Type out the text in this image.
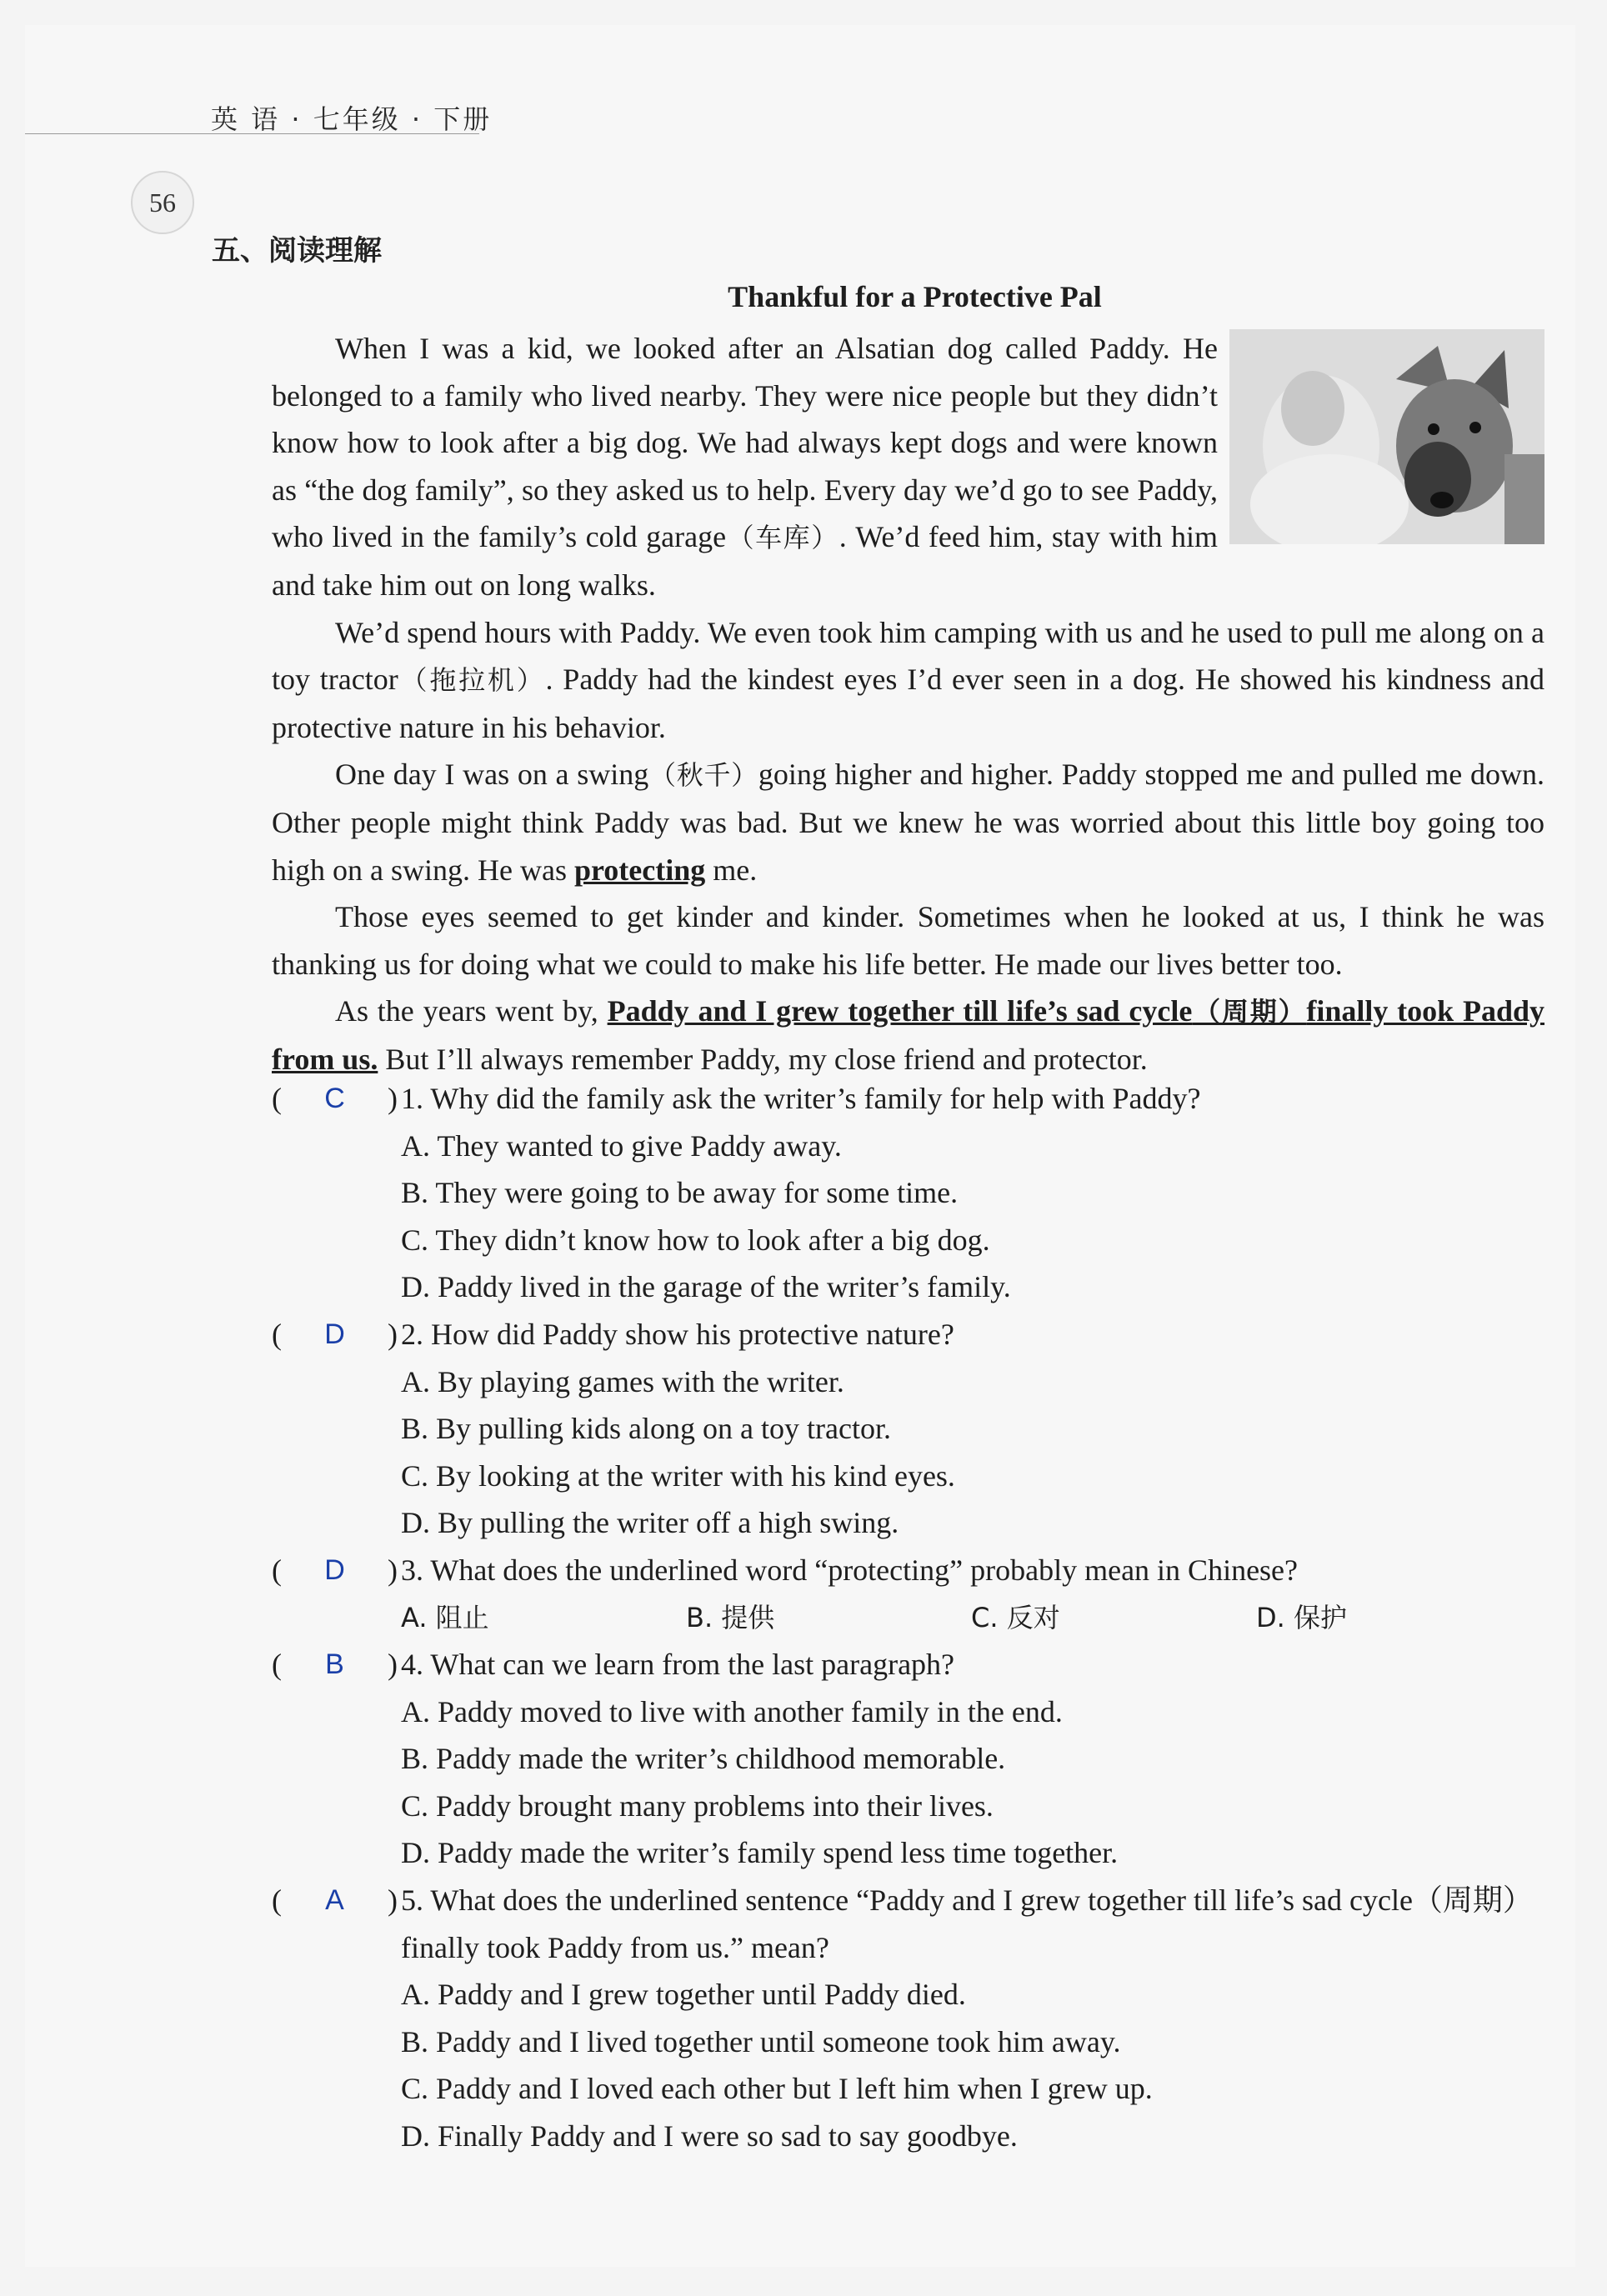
英 语 · 七年级 · 下册
56
五、阅读理解
Thankful for a Protective Pal

When I was a kid, we looked after an Alsatian dog called Paddy. He belonged to a family who lived nearby. They were nice people but they didn’t know how to look after a big dog. We had always kept dogs and were known as “the dog family”, so they asked us to help. Every day we’d go to see Paddy, who lived in the family’s cold garage（车库）. We’d feed him, stay with him and take him out on long walks.

We’d spend hours with Paddy. We even took him camping with us and he used to pull me along on a toy tractor（拖拉机）. Paddy had the kindest eyes I’d ever seen in a dog. He showed his kindness and protective nature in his behavior.

One day I was on a swing（秋千）going higher and higher. Paddy stopped me and pulled me down. Other people might think Paddy was bad. But we knew he was worried about this little boy going too high on a swing. He was protecting me.

Those eyes seemed to get kinder and kinder. Sometimes when he looked at us, I think he was thanking us for doing what we could to make his life better. He made our lives better too.

As the years went by, Paddy and I grew together till life’s sad cycle（周期）finally took Paddy from us. But I’ll always remember Paddy, my close friend and protector.

( C ) 1. Why did the family ask the writer’s family for help with Paddy?
A. They wanted to give Paddy away.
B. They were going to be away for some time.
C. They didn’t know how to look after a big dog.
D. Paddy lived in the garage of the writer’s family.
( D ) 2. How did Paddy show his protective nature?
A. By playing games with the writer.
B. By pulling kids along on a toy tractor.
C. By looking at the writer with his kind eyes.
D. By pulling the writer off a high swing.
( D ) 3. What does the underlined word “protecting” probably mean in Chinese?
A. 阻止	B. 提供	C. 反对	D. 保护
( B ) 4. What can we learn from the last paragraph?
A. Paddy moved to live with another family in the end.
B. Paddy made the writer’s childhood memorable.
C. Paddy brought many problems into their lives.
D. Paddy made the writer’s family spend less time together.
( A ) 5. What does the underlined sentence “Paddy and I grew together till life’s sad cycle（周期）finally took Paddy from us.” mean?
A. Paddy and I grew together until Paddy died.
B. Paddy and I lived together until someone took him away.
C. Paddy and I loved each other but I left him when I grew up.
D. Finally Paddy and I were so sad to say goodbye.
